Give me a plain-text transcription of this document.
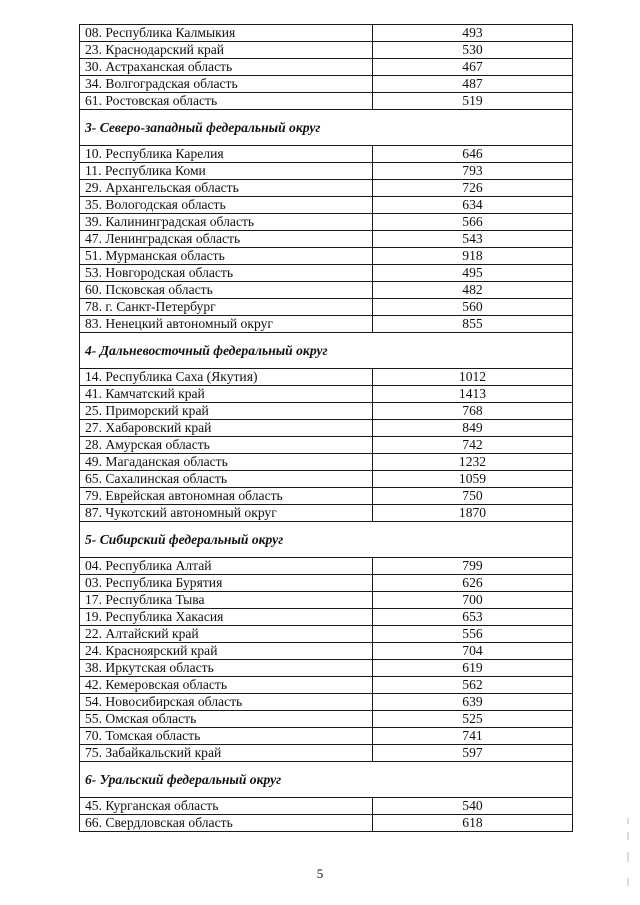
08. Республика Калмыкия	493
23. Краснодарский край	530
30. Астраханская область	467
34. Волгоградская область	487
61. Ростовская область	519
3- Северо-западный федеральный округ	
10. Республика Карелия	646
11. Республика Коми	793
29. Архангельская область	726
35. Вологодская область	634
39. Калининградская область	566
47. Ленинградская область	543
51. Мурманская область	918
53. Новгородская область	495
60. Псковская область	482
78. г. Санкт-Петербург	560
83. Ненецкий автономный округ	855
4- Дальневосточный федеральный округ	
14. Республика Саха (Якутия)	1012
41. Камчатский край	1413
25. Приморский край	768
27. Хабаровский край	849
28. Амурская область	742
49. Магаданская область	1232
65. Сахалинская область	1059
79. Еврейская автономная область	750
87. Чукотский автономный округ	1870
5- Сибирский федеральный округ	
04. Республика Алтай	799
03. Республика Бурятия	626
17. Республика Тыва	700
19. Республика Хакасия	653
22. Алтайский край	556
24. Красноярский край	704
38. Иркутская область	619
42. Кемеровская область	562
54. Новосибирская область	639
55. Омская область	525
70. Томская область	741
75. Забайкальский край	597
6- Уральский федеральный округ	
45. Курганская область	540
66. Свердловская область	618
5
